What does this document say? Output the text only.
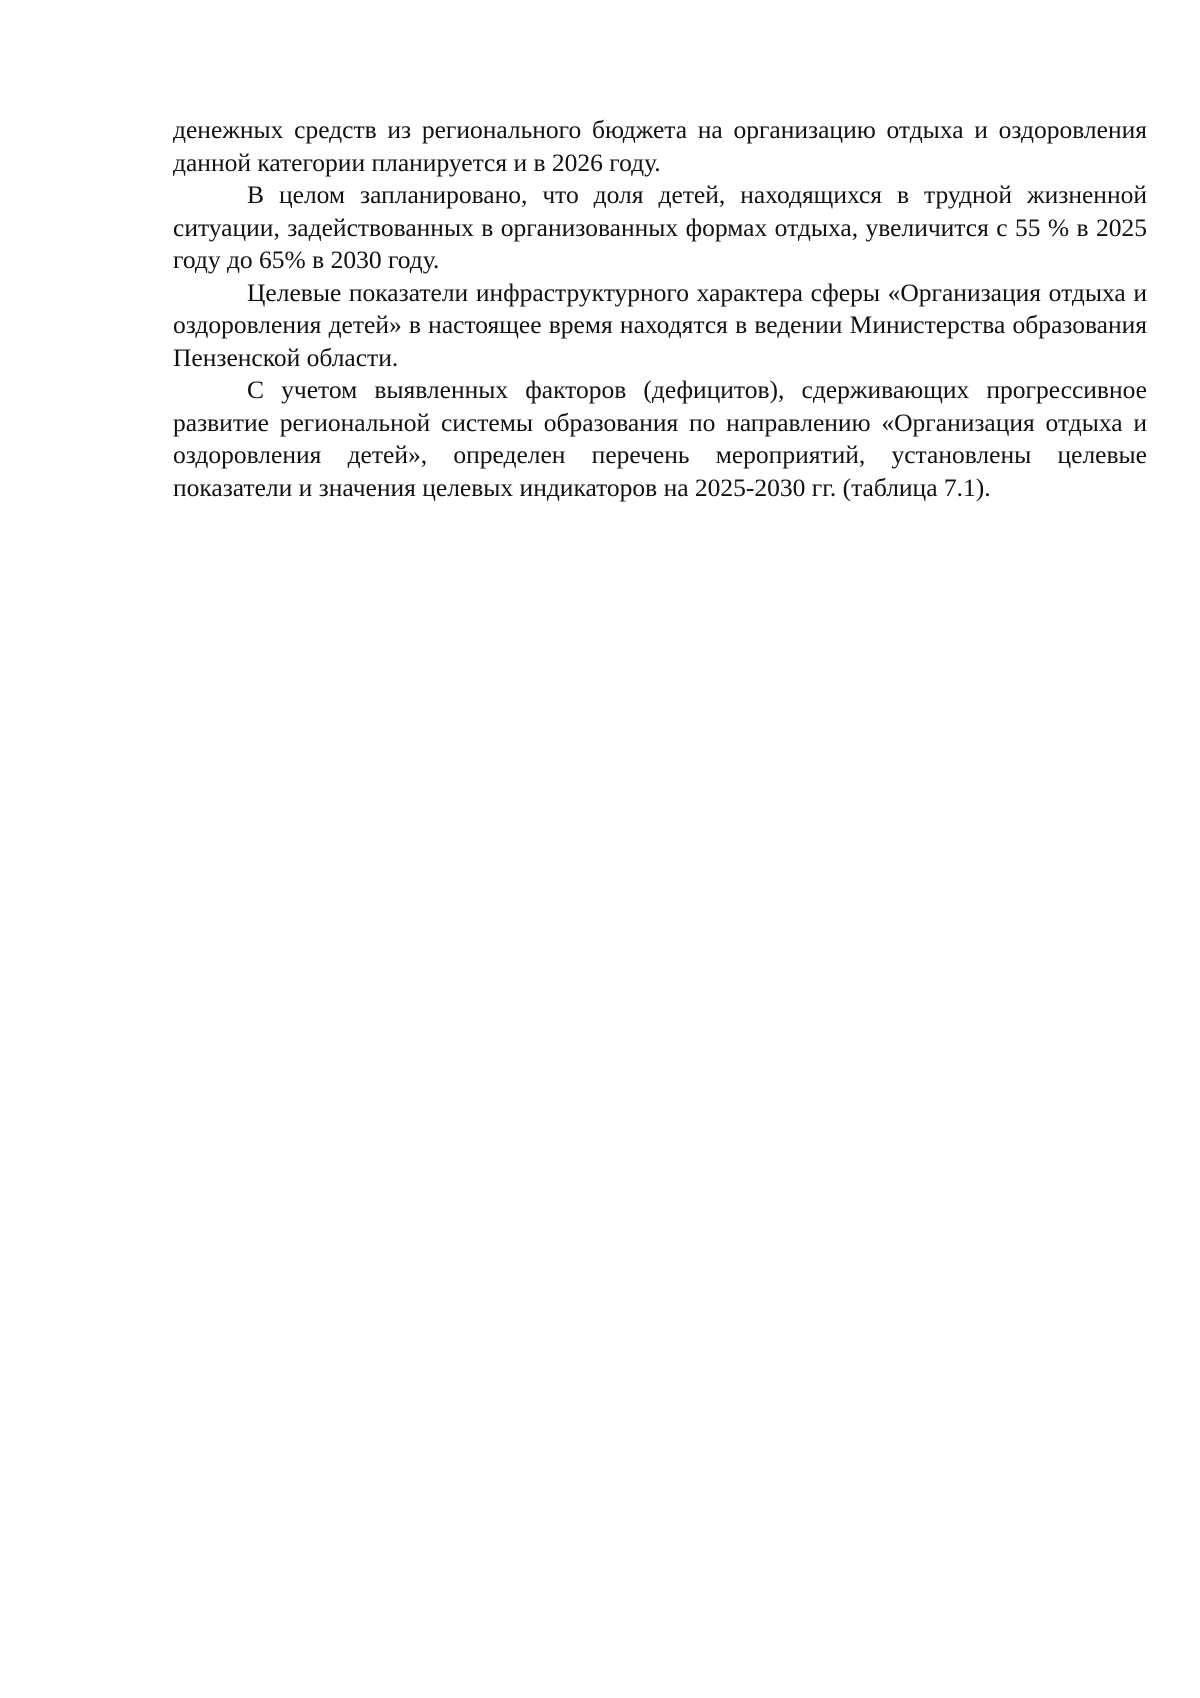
денежных средств из регионального бюджета на организацию отдыха и оздоровления данной категории планируется и в 2026 году.

В целом запланировано, что доля детей, находящихся в трудной жизненной ситуации, задействованных в организованных формах отдыха, увеличится с 55 % в 2025 году до 65% в 2030 году.

Целевые показатели инфраструктурного характера сферы «Организация отдыха и оздоровления детей» в настоящее время находятся в ведении Министерства образования Пензенской области.

С учетом выявленных факторов (дефицитов), сдерживающих прогрессивное развитие региональной системы образования по направлению «Организация отдыха и оздоровления детей», определен перечень мероприятий, установлены целевые показатели и значения целевых индикаторов на 2025-2030 гг. (таблица 7.1).
